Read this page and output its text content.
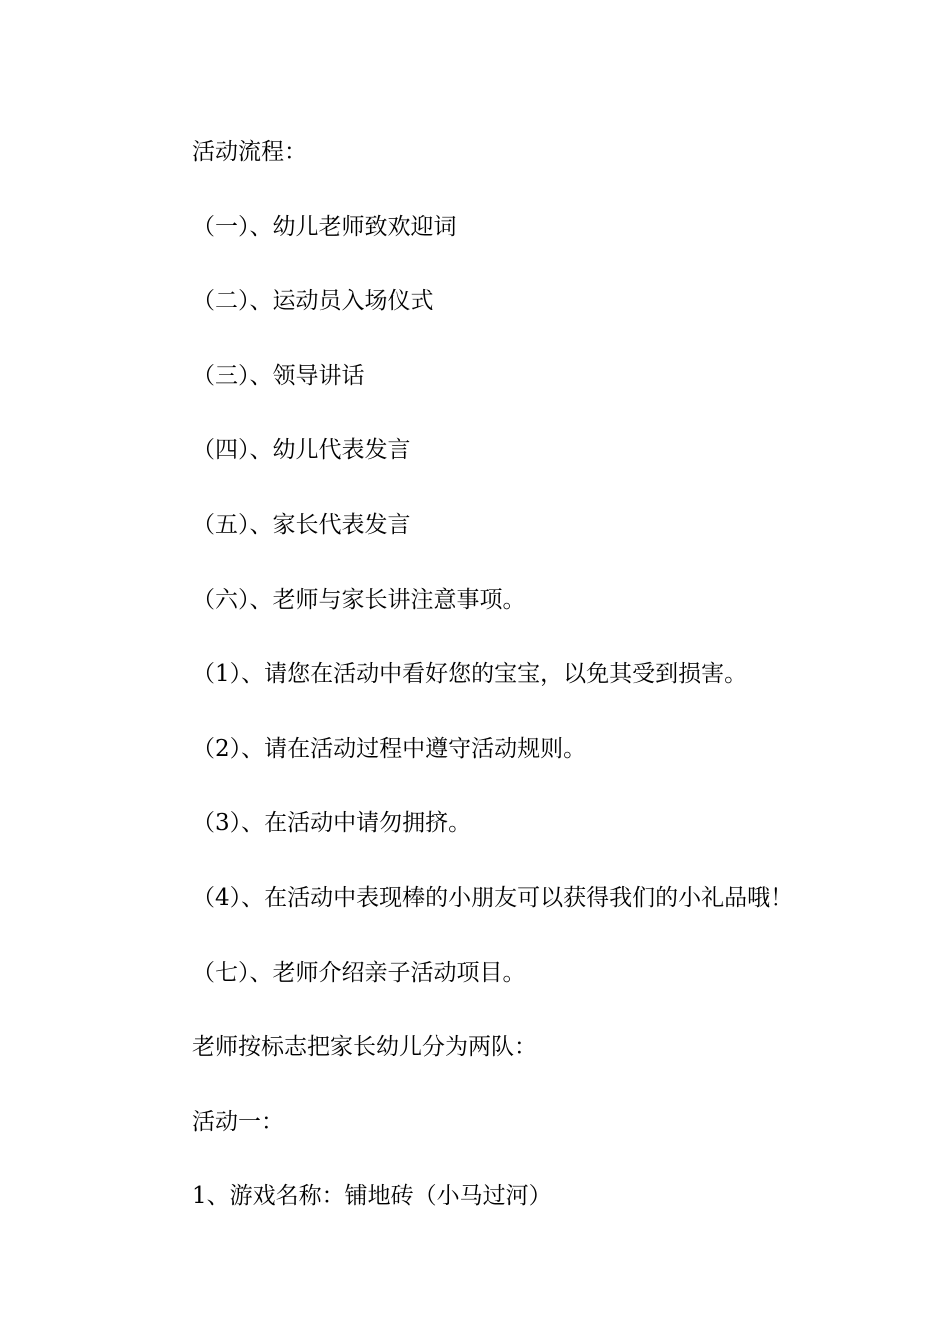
活动流程：

（一）、幼儿老师致欢迎词

（二）、运动员入场仪式

（三）、领导讲话

（四）、幼儿代表发言

（五）、家长代表发言

（六）、老师与家长讲注意事项。

（1）、请您在活动中看好您的宝宝，以免其受到损害。

（2）、请在活动过程中遵守活动规则。

（3）、在活动中请勿拥挤。

（4）、在活动中表现棒的小朋友可以获得我们的小礼品哦！

（七）、老师介绍亲子活动项目。

老师按标志把家长幼儿分为两队：

活动一：

1、游戏名称：铺地砖（小马过河）
